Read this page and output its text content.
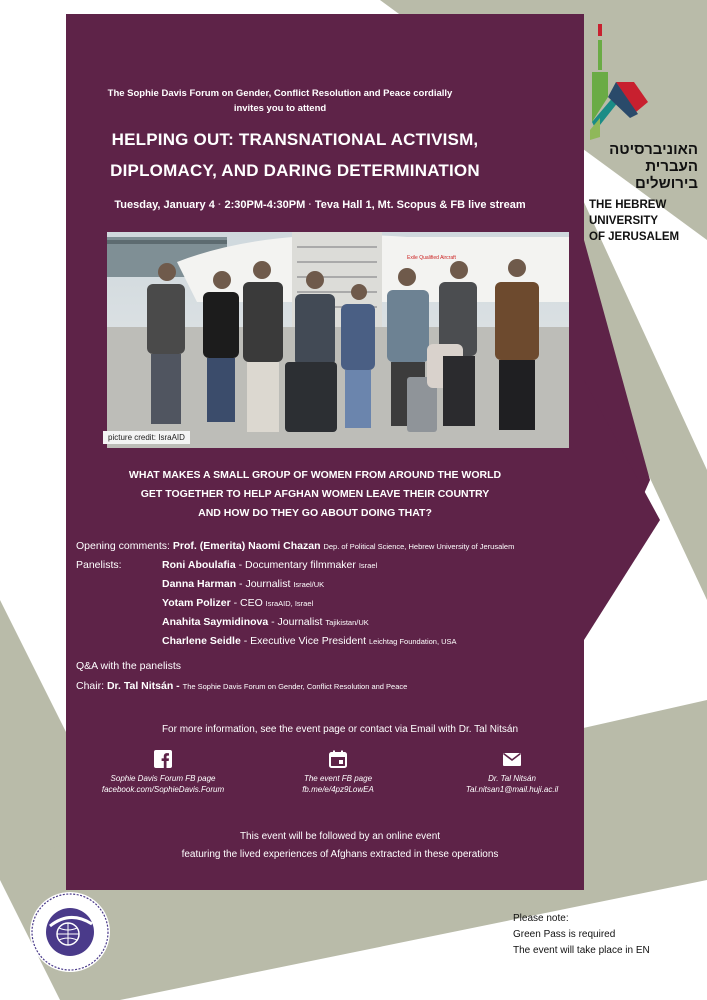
The Sophie Davis Forum on Gender, Conflict Resolution and Peace cordially
invites you to attend
HELPING OUT: TRANSNATIONAL ACTIVISM,
DIPLOMACY, AND DARING DETERMINATION
Tuesday, January 4 · 2:30PM-4:30PM · Teva Hall 1, Mt. Scopus & FB live stream
Exile Qualified Aircraft
picture credit: IsraAID
WHAT MAKES A SMALL GROUP OF WOMEN FROM AROUND THE WORLD
GET TOGETHER TO HELP AFGHAN WOMEN LEAVE THEIR COUNTRY
AND HOW DO THEY GO ABOUT DOING THAT?
Opening comments: Prof. (Emerita) Naomi Chazan Dep. of Political Science, Hebrew University of Jerusalem
Panelists:	Roni Aboulafia - Documentary filmmaker Israel
Danna Harman - Journalist Israel/UK
Yotam Polizer - CEO IsraAID, Israel
Anahita Saymidinova - Journalist Tajikistan/UK
Charlene Seidle - Executive Vice President Leichtag Foundation, USA
Q&A with the panelists
Chair: Dr. Tal Nitsán - The Sophie Davis Forum on Gender, Conflict Resolution and Peace
For more information, see the event page or contact via Email with Dr. Tal Nitsán
Sophie Davis Forum FB page
facebook.com/SophieDavis.Forum
The event FB page
fb.me/e/4pz9LowEA
Dr. Tal Nitsán
Tal.nitsan1@mail.huji.ac.il
This event will be followed by an online event
featuring the lived experiences of Afghans extracted in these operations
האוניברסיטה
העברית
בירושלים
THE HEBREW
UNIVERSITY
OF JERUSALEM
Please note:
Green Pass is required
The event will take place in EN
